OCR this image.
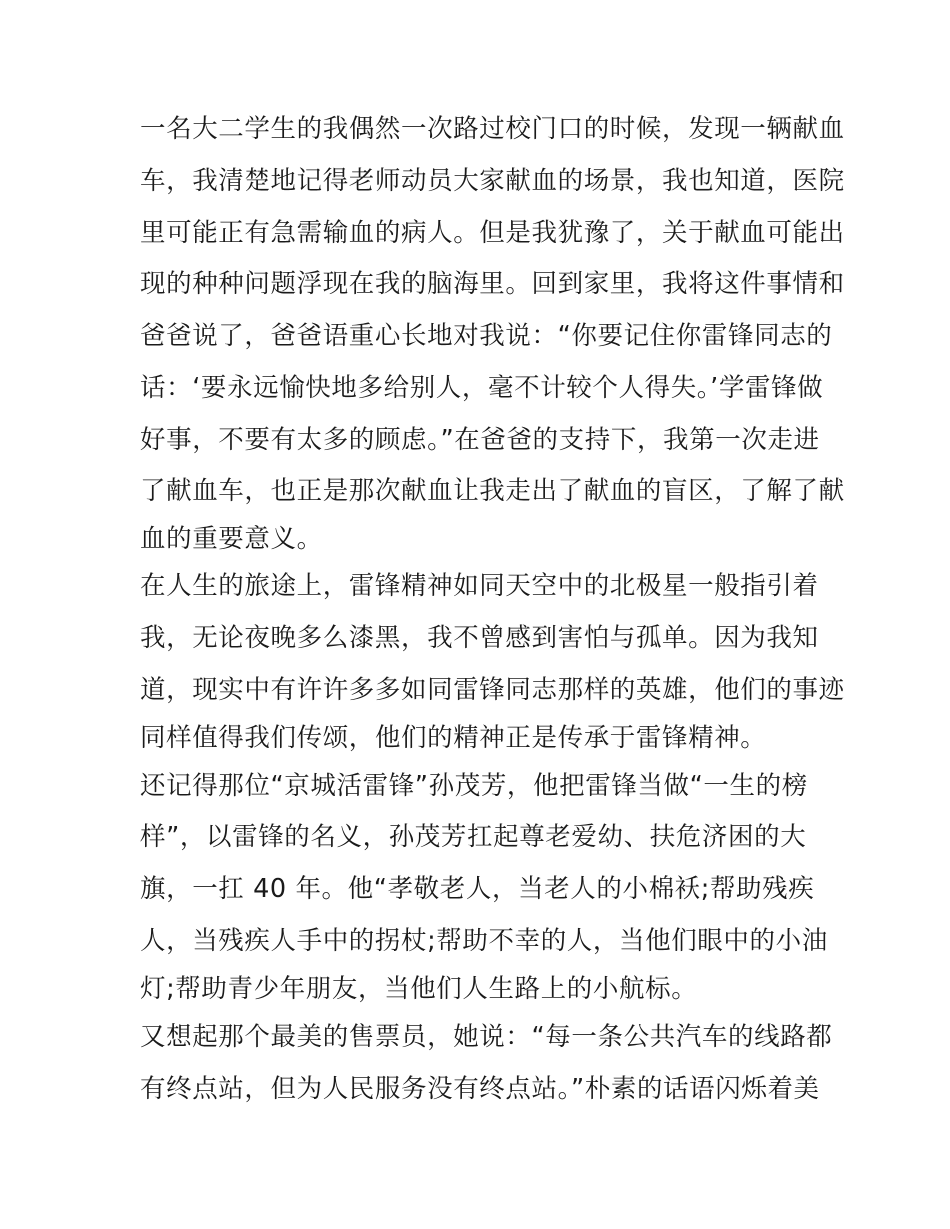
一名大二学生的我偶然一次路过校门口的时候，发现一辆献血

车，我清楚地记得老师动员大家献血的场景，我也知道，医院

里可能正有急需输血的病人。但是我犹豫了，关于献血可能出

现的种种问题浮现在我的脑海里。回到家里，我将这件事情和

爸爸说了，爸爸语重心长地对我说：“你要记住你雷锋同志的

话：‘要永远愉快地多给别人，毫不计较个人得失。’学雷锋做

好事，不要有太多的顾虑。”在爸爸的支持下，我第一次走进

了献血车，也正是那次献血让我走出了献血的盲区，了解了献

血的重要意义。

在人生的旅途上，雷锋精神如同天空中的北极星一般指引着

我，无论夜晚多么漆黑，我不曾感到害怕与孤单。因为我知

道，现实中有许许多多如同雷锋同志那样的英雄，他们的事迹

同样值得我们传颂，他们的精神正是传承于雷锋精神。

还记得那位“京城活雷锋”孙茂芳，他把雷锋当做“一生的榜

样”，以雷锋的名义，孙茂芳扛起尊老爱幼、扶危济困的大

旗，一扛 40 年。他“孝敬老人，当老人的小棉袄;帮助残疾

人，当残疾人手中的拐杖;帮助不幸的人，当他们眼中的小油

灯;帮助青少年朋友，当他们人生路上的小航标。

又想起那个最美的售票员，她说：“每一条公共汽车的线路都

有终点站，但为人民服务没有终点站。”朴素的话语闪烁着美
